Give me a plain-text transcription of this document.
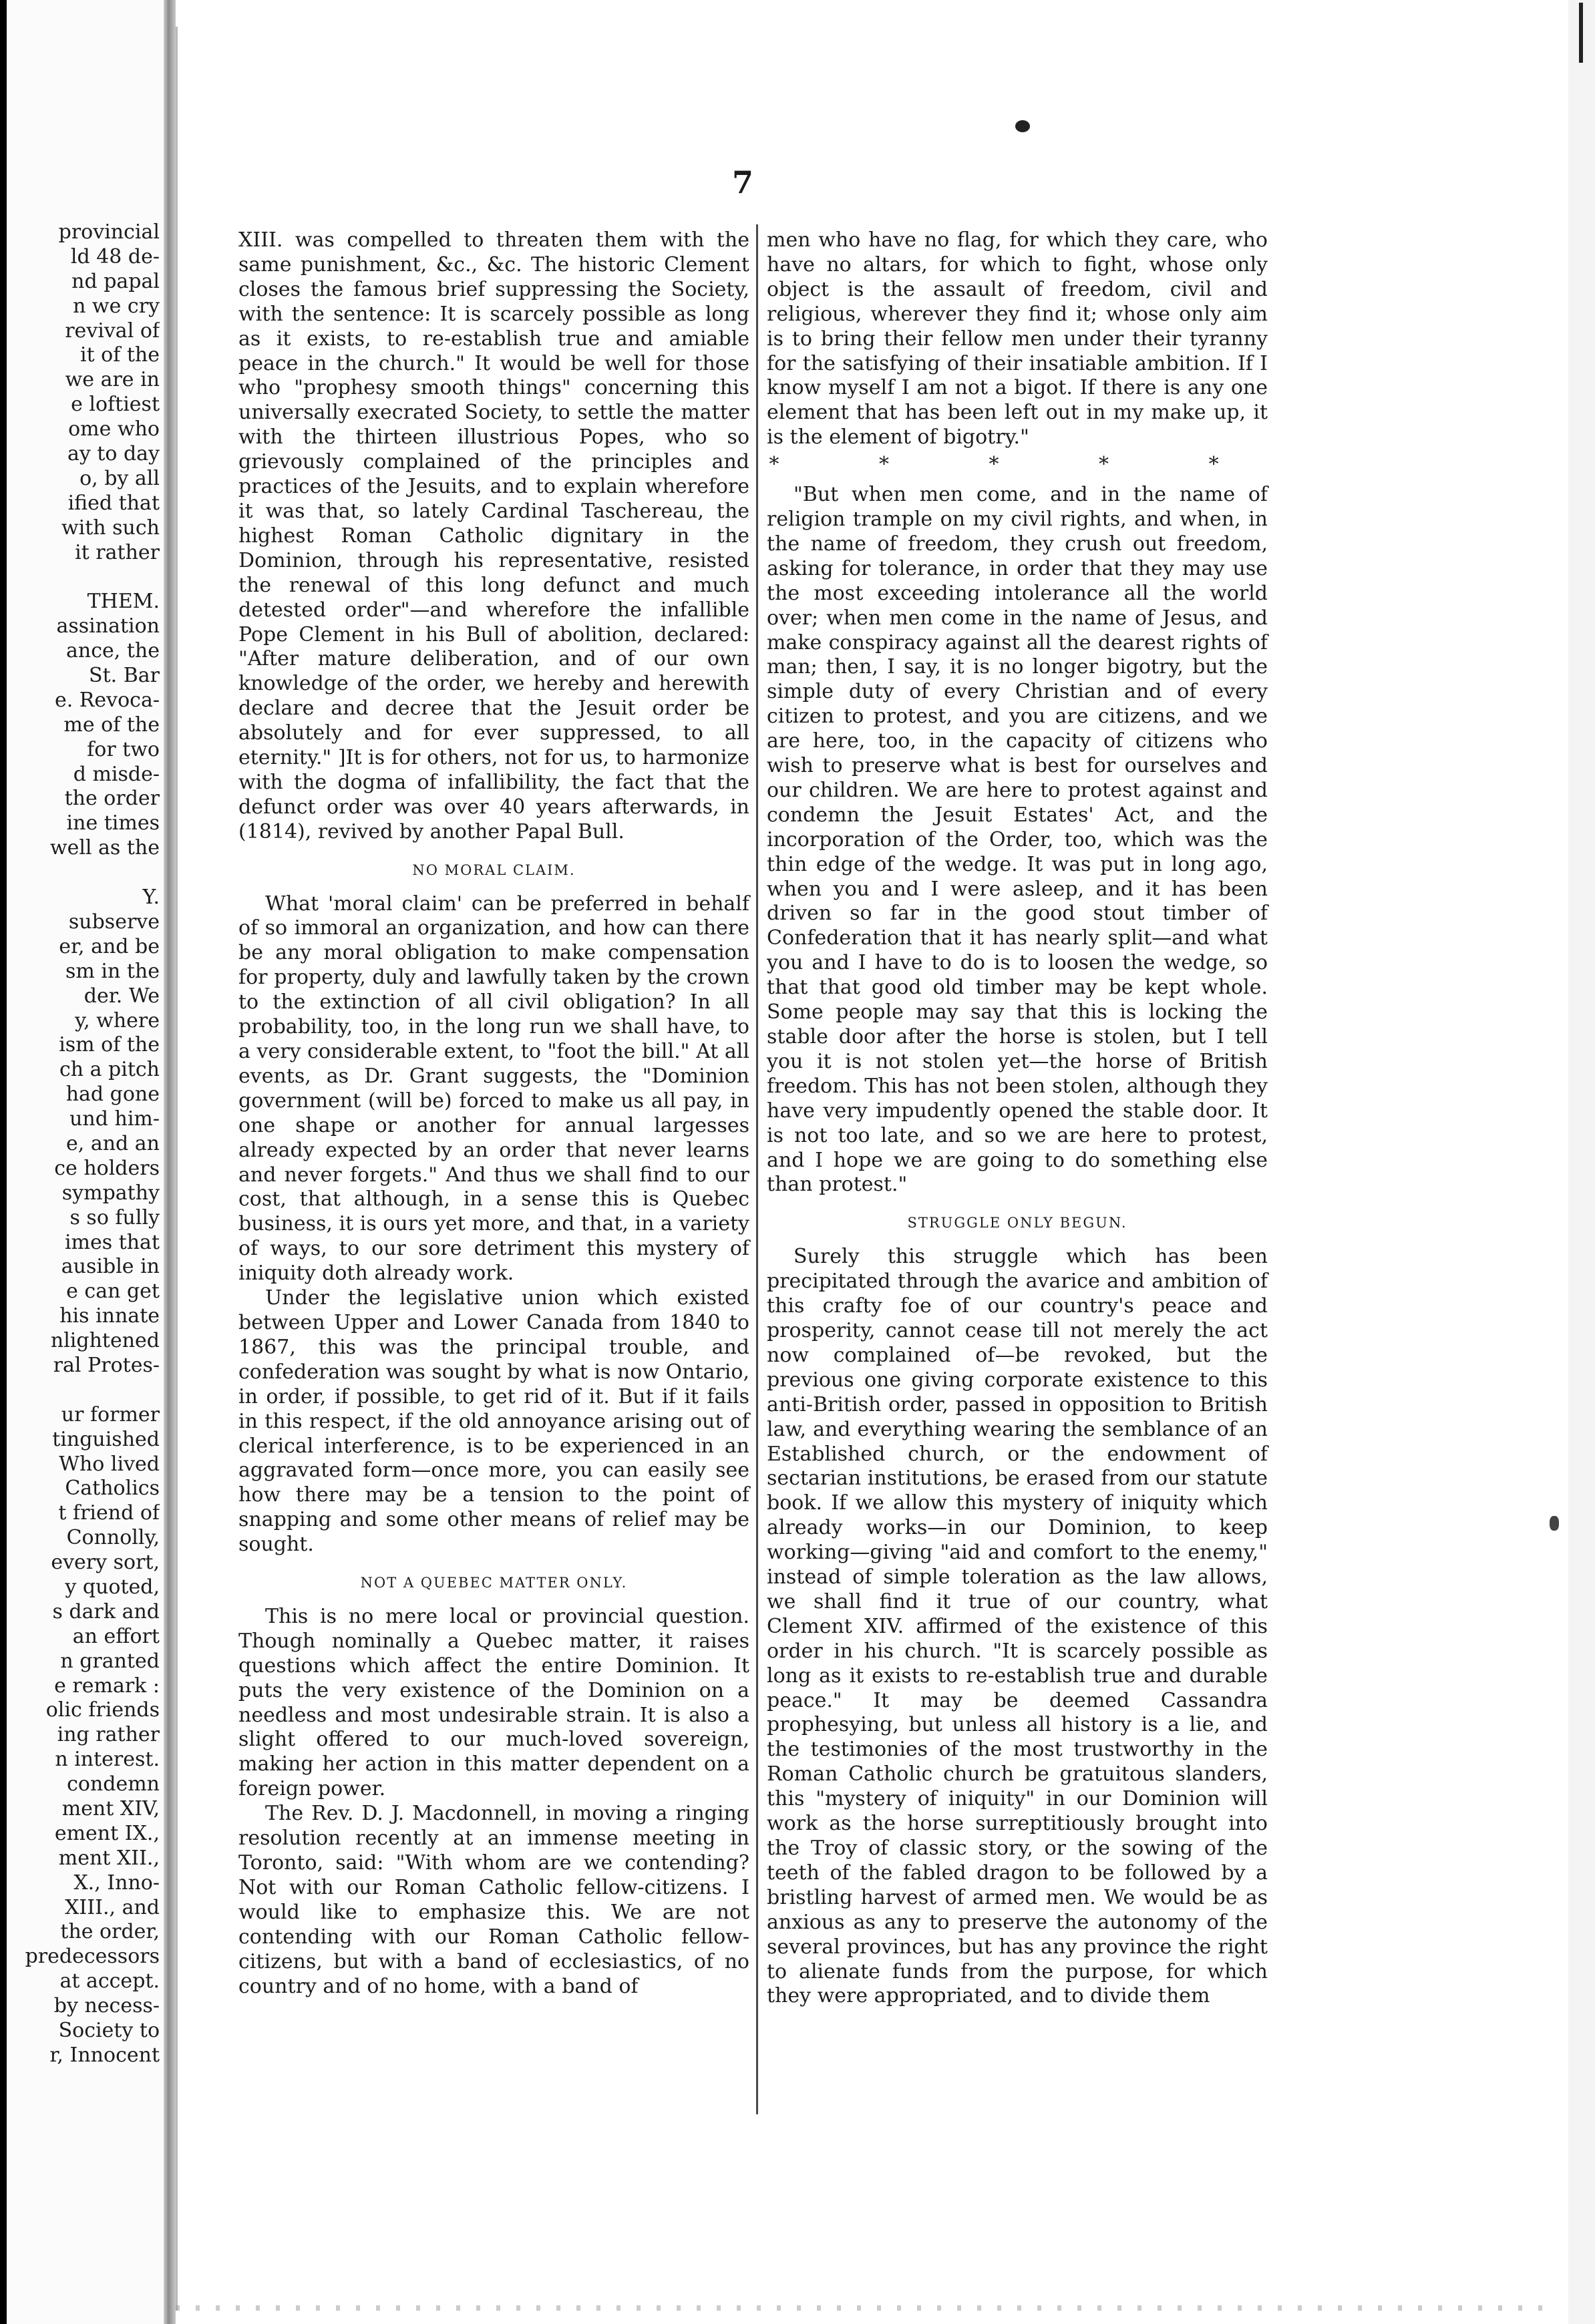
provincial
ld 48 de-
nd papal
n we cry
revival of
it of the
we are in
e loftiest
ome who
ay to day
o, by all
ified that
with such
it rather
THEM.
assination
ance, the
St. Bar
e. Revoca-
me of the
for two
d misde-
the order
ine times
well as the
Y.
subserve
er, and be
sm in the
der. We
y, where
ism of the
ch a pitch
had gone
und him-
e, and an
ce holders
sympathy
s so fully
imes that
ausible in
e can get
his innate
nlightened
ral Protes-
ur former
tinguished
Who lived
Catholics
t friend of
Connolly,
every sort,
y quoted,
s dark and
an effort
n granted
e remark :
olic friends
ing rather
n interest.
condemn
ment XIV,
ement IX.,
ment XII.,
X., Inno-
XIII., and
the order,
predecessors
at accept.
by necess-
Society to
r, Innocent
7

XIII. was compelled to threaten them with the same punishment, &c., &c. The historic Clement closes the famous brief suppressing the Society, with the sentence: It is scarcely possible as long as it exists, to re-establish true and amiable peace in the church." It would be well for those who "prophesy smooth things" concerning this universally execrated Society, to settle the matter with the thirteen illustrious Popes, who so grievously complained of the principles and practices of the Jesuits, and to explain wherefore it was that, so lately Cardinal Taschereau, the highest Roman Catholic dignitary in the Dominion, through his representative, resisted the renewal of this long defunct and much detested order"—and wherefore the infallible Pope Clement in his Bull of abolition, declared: "After mature deliberation, and of our own knowledge of the order, we hereby and herewith declare and decree that the Jesuit order be absolutely and for ever suppressed, to all eternity." ]It is for others, not for us, to harmonize with the dogma of infallibility, the fact that the defunct order was over 40 years afterwards, in (1814), revived by another Papal Bull.

NO MORAL CLAIM.

What 'moral claim' can be preferred in behalf of so immoral an organization, and how can there be any moral obligation to make compensation for property, duly and lawfully taken by the crown to the extinction of all civil obligation? In all probability, too, in the long run we shall have, to a very considerable extent, to "foot the bill." At all events, as Dr. Grant suggests, the "Dominion government (will be) forced to make us all pay, in one shape or another for annual largesses already expected by an order that never learns and never forgets." And thus we shall find to our cost, that although, in a sense this is Quebec business, it is ours yet more, and that, in a variety of ways, to our sore detriment this mystery of iniquity doth already work.

Under the legislative union which existed between Upper and Lower Canada from 1840 to 1867, this was the principal trouble, and confederation was sought by what is now Ontario, in order, if possible, to get rid of it. But if it fails in this respect, if the old annoyance arising out of clerical interference, is to be experienced in an aggravated form—once more, you can easily see how there may be a tension to the point of snapping and some other means of relief may be sought.

NOT A QUEBEC MATTER ONLY.

This is no mere local or provincial question. Though nominally a Quebec matter, it raises questions which affect the entire Dominion. It puts the very existence of the Dominion on a needless and most undesirable strain. It is also a slight offered to our much-loved sovereign, making her action in this matter dependent on a foreign power.

The Rev. D. J. Macdonnell, in moving a ringing resolution recently at an immense meeting in Toronto, said: "With whom are we contending? Not with our Roman Catholic fellow-citizens. I would like to emphasize this. We are not contending with our Roman Catholic fellow-citizens, but with a band of ecclesiastics, of no country and of no home, with a band of

men who have no flag, for which they care, who have no altars, for which to fight, whose only object is the assault of freedom, civil and religious, wherever they find it; whose only aim is to bring their fellow men under their tyranny for the satisfying of their insatiable ambition. If I know myself I am not a bigot. If there is any one element that has been left out in my make up, it is the element of bigotry."

* * * * *

"But when men come, and in the name of religion trample on my civil rights, and when, in the name of freedom, they crush out freedom, asking for tolerance, in order that they may use the most exceeding intolerance all the world over; when men come in the name of Jesus, and make conspiracy against all the dearest rights of man; then, I say, it is no longer bigotry, but the simple duty of every Christian and of every citizen to protest, and you are citizens, and we are here, too, in the capacity of citizens who wish to preserve what is best for ourselves and our children. We are here to protest against and condemn the Jesuit Estates' Act, and the incorporation of the Order, too, which was the thin edge of the wedge. It was put in long ago, when you and I were asleep, and it has been driven so far in the good stout timber of Confederation that it has nearly split—and what you and I have to do is to loosen the wedge, so that that good old timber may be kept whole. Some people may say that this is locking the stable door after the horse is stolen, but I tell you it is not stolen yet—the horse of British freedom. This has not been stolen, although they have very impudently opened the stable door. It is not too late, and so we are here to protest, and I hope we are going to do something else than protest."

STRUGGLE ONLY BEGUN.

Surely this struggle which has been precipitated through the avarice and ambition of this crafty foe of our country's peace and prosperity, cannot cease till not merely the act now complained of—be revoked, but the previous one giving corporate existence to this anti-British order, passed in opposition to British law, and everything wearing the semblance of an Established church, or the endowment of sectarian institutions, be erased from our statute book. If we allow this mystery of iniquity which already works—in our Dominion, to keep working—giving "aid and comfort to the enemy," instead of simple toleration as the law allows, we shall find it true of our country, what Clement XIV. affirmed of the existence of this order in his church. "It is scarcely possible as long as it exists to re-establish true and durable peace." It may be deemed Cassandra prophesying, but unless all history is a lie, and the testimonies of the most trustworthy in the Roman Catholic church be gratuitous slanders, this "mystery of iniquity" in our Dominion will work as the horse surreptitiously brought into the Troy of classic story, or the sowing of the teeth of the fabled dragon to be followed by a bristling harvest of armed men. We would be as anxious as any to preserve the autonomy of the several provinces, but has any province the right to alienate funds from the purpose, for which they were appropriated, and to divide them
